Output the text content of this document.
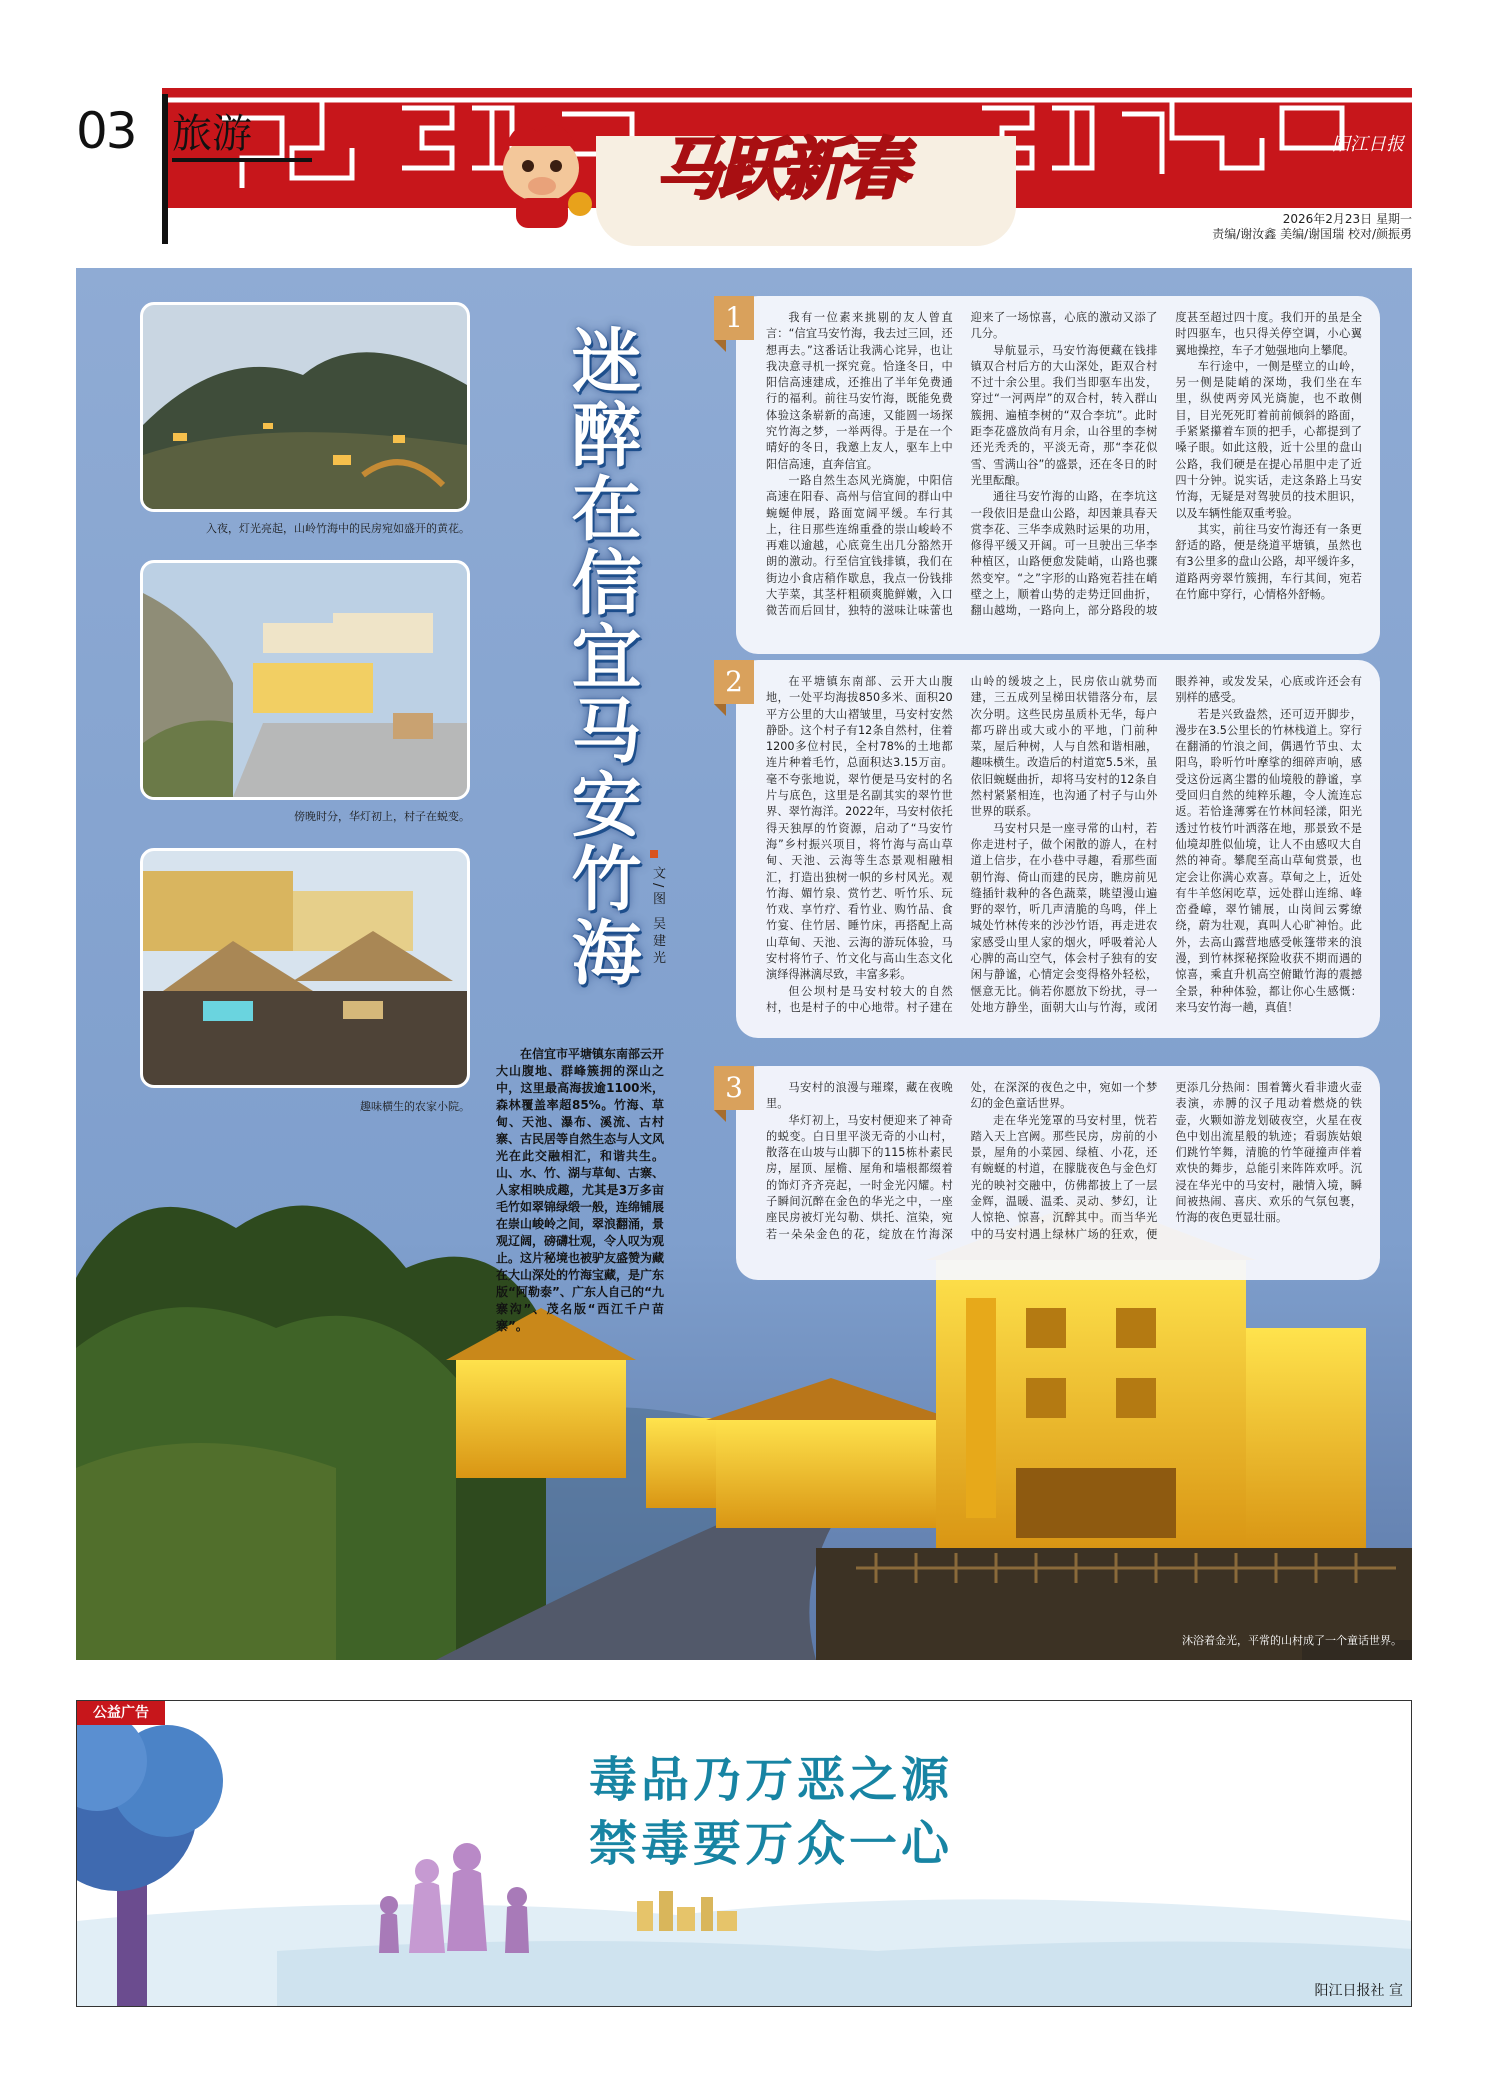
03	阳江日报
旅游	马跃新春
2026年2月23日 星期一
责编/谢汝鑫 美编/谢国瑞 校对/颜振勇
入夜，灯光亮起，山岭竹海中的民房宛如盛开的黄花。
傍晚时分，华灯初上，村子在蜕变。
趣味横生的农家小院。
迷醉在信宜马安竹海 文/图 吴建光
在信宜市平塘镇东南部云开大山腹地、群峰簇拥的深山之中，这里最高海拔逾1100米，森林覆盖率超85%。竹海、草甸、天池、瀑布、溪流、古村寨、古民居等自然生态与人文风光在此交融相汇，和谐共生。山、水、竹、湖与草甸、古寨、人家相映成趣，尤其是3万多亩毛竹如翠锦绿缎一般，连绵铺展在崇山峻岭之间，翠浪翻涌，景观辽阔，磅礴壮观，令人叹为观止。这片秘境也被驴友盛赞为藏在大山深处的竹海宝藏，是广东版“阿勒泰”、广东人自己的“九寨沟”、茂名版“西江千户苗寨”。
1	我有一位素来挑剔的友人曾直言：“信宜马安竹海，我去过三回，还想再去。”这番话让我满心诧异，也让我决意寻机一探究竟。恰逢冬日，中阳信高速建成，还推出了半年免费通行的福利。前往马安竹海，既能免费体验这条崭新的高速，又能圆一场探究竹海之梦，一举两得。于是在一个晴好的冬日，我邀上友人，驱车上中阳信高速，直奔信宜。

一路自然生态风光旖旎，中阳信高速在阳春、高州与信宜间的群山中蜿蜒伸展，路面宽阔平缓。车行其上，往日那些连绵重叠的崇山峻岭不再难以逾越，心底竟生出几分豁然开朗的激动。行至信宜钱排镇，我们在街边小食店稍作歇息，我点一份钱排大芋菜，其茎杆粗硕爽脆鲜嫩，入口微苦而后回甘，独特的滋味让味蕾也迎来了一场惊喜，心底的激动又添了几分。

导航显示，马安竹海便藏在钱排镇双合村后方的大山深处，距双合村不过十余公里。我们当即驱车出发，穿过“一河两岸”的双合村，转入群山簇拥、遍植李树的“双合李坑”。此时距李花盛放尚有月余，山谷里的李树还光秃秃的，平淡无奇，那“李花似雪、雪满山谷”的盛景，还在冬日的时光里酝酿。

通往马安竹海的山路，在李坑这一段依旧是盘山公路，却因兼具春天赏李花、三华李成熟时运果的功用，修得平缓又开阔。可一旦驶出三华李种植区，山路便愈发陡峭，山路也骤然变窄。“之”字形的山路宛若挂在峭壁之上，顺着山势的走势迂回曲折，翻山越坳，一路向上，部分路段的坡度甚至超过四十度。我们开的虽是全时四驱车，也只得关停空调，小心翼翼地操控，车子才勉强地向上攀爬。

车行途中，一侧是壁立的山岭，另一侧是陡峭的深坳，我们坐在车里，纵使两旁风光旖旎，也不敢侧目，目光死死盯着前前倾斜的路面，手紧紧攥着车顶的把手，心都提到了嗓子眼。如此这般，近十公里的盘山公路，我们硬是在提心吊胆中走了近四十分钟。说实话，走这条路上马安竹海，无疑是对驾驶员的技术胆识，以及车辆性能双重考验。

其实，前往马安竹海还有一条更舒适的路，便是绕道平塘镇，虽然也有3公里多的盘山公路，却平缓许多，道路两旁翠竹簇拥，车行其间，宛若在竹廊中穿行，心情格外舒畅。

2	在平塘镇东南部、云开大山腹地，一处平均海拔850多米、面积20平方公里的大山褶皱里，马安村安然静卧。这个村子有12条自然村，住着1200多位村民，全村78%的土地都连片种着毛竹，总面积达3.15万亩。毫不夸张地说，翠竹便是马安村的名片与底色，这里是名副其实的翠竹世界、翠竹海洋。2022年，马安村依托得天独厚的竹资源，启动了“马安竹海”乡村振兴项目，将竹海与高山草甸、天池、云海等生态景观相融相汇，打造出独树一帜的乡村风光。观竹海、媚竹泉、赏竹艺、听竹乐、玩竹戏、享竹疗、看竹业、购竹品、食竹宴、住竹居、睡竹床，再搭配上高山草甸、天池、云海的游玩体验，马安村将竹子、竹文化与高山生态文化演绎得淋漓尽致，丰富多彩。

但公坝村是马安村较大的自然村，也是村子的中心地带。村子建在山岭的缓坡之上，民房依山就势而建，三五成列呈梯田状错落分布，层次分明。这些民房虽质朴无华，每户都巧辟出或大或小的平地，门前种菜，屋后种树，人与自然和谐相融，趣味横生。改造后的村道宽5.5米，虽依旧蜿蜒曲折，却将马安村的12条自然村紧紧相连，也沟通了村子与山外世界的联系。

马安村只是一座寻常的山村，若你走进村子，做个闲散的游人，在村道上信步，在小巷中寻趣，看那些面朝竹海、倚山而建的民房，瞧房前见缝插针栽种的各色蔬菜，眺望漫山遍野的翠竹，听几声清脆的鸟鸣，伴上城处竹林传来的沙沙竹语，再走进农家感受山里人家的烟火，呼吸着沁人心脾的高山空气，体会村子独有的安闲与静谧，心情定会变得格外轻松，惬意无比。倘若你愿放下纷扰，寻一处地方静坐，面朝大山与竹海，或闭眼养神，或发发呆，心底或许还会有别样的感受。

若是兴致盎然，还可迈开脚步，漫步在3.5公里长的竹林栈道上。穿行在翻涌的竹浪之间，偶遇竹节虫、太阳鸟，聆听竹叶摩挲的细碎声响，感受这份远离尘嚣的仙境般的静谧，享受回归自然的纯粹乐趣，令人流连忘返。若恰逢薄雾在竹林间轻漾，阳光透过竹枝竹叶洒落在地，那景致不是仙境却胜似仙境，让人不由感叹大自然的神奇。攀爬至高山草甸赏景，也定会让你满心欢喜。草甸之上，近处有牛羊悠闲吃草，远处群山连绵、峰峦叠嶂，翠竹铺展，山岗间云雾缭绕，蔚为壮观，真叫人心旷神怡。此外，去高山露营地感受帐篷带来的浪漫，到竹林探秘探险收获不期而遇的惊喜，乘直升机高空俯瞰竹海的震撼全景，种种体验，都让你心生感慨：来马安竹海一趟，真值！

3	马安村的浪漫与璀璨，藏在夜晚里。

华灯初上，马安村便迎来了神奇的蜕变。白日里平淡无奇的小山村，散落在山坡与山脚下的115栋朴素民房，屋顶、屋檐、屋角和墙根都缀着的饰灯齐齐亮起，一时金光闪耀。村子瞬间沉醉在金色的华光之中，一座座民房被灯光勾勒、烘托、渲染，宛若一朵朵金色的花，绽放在竹海深处，在深深的夜色之中，宛如一个梦幻的金色童话世界。

走在华光笼罩的马安村里，恍若踏入天上宫阙。那些民房，房前的小景，屋角的小菜园、绿植、小花，还有蜿蜒的村道，在朦胧夜色与金色灯光的映衬交融中，仿佛都披上了一层金辉，温暖、温柔、灵动、梦幻，让人惊艳、惊喜，沉醉其中。而当华光中的马安村遇上绿林广场的狂欢，便更添几分热闹：围着篝火看非遗火壶表演，赤膊的汉子甩动着燃烧的铁壶，火颗如游龙划破夜空，火星在夜色中划出流星般的轨迹；看弱族姑娘们跳竹竿舞，清脆的竹竿碰撞声伴着欢快的舞步，总能引来阵阵欢呼。沉浸在华光中的马安村，融情入境，瞬间被热闹、喜庆、欢乐的气氛包裹，竹海的夜色更显壮丽。

沐浴着金光，平常的山村成了一个童话世界。
公益广告
毒品乃万恶之源
禁毒要万众一心
阳江日报社 宣
